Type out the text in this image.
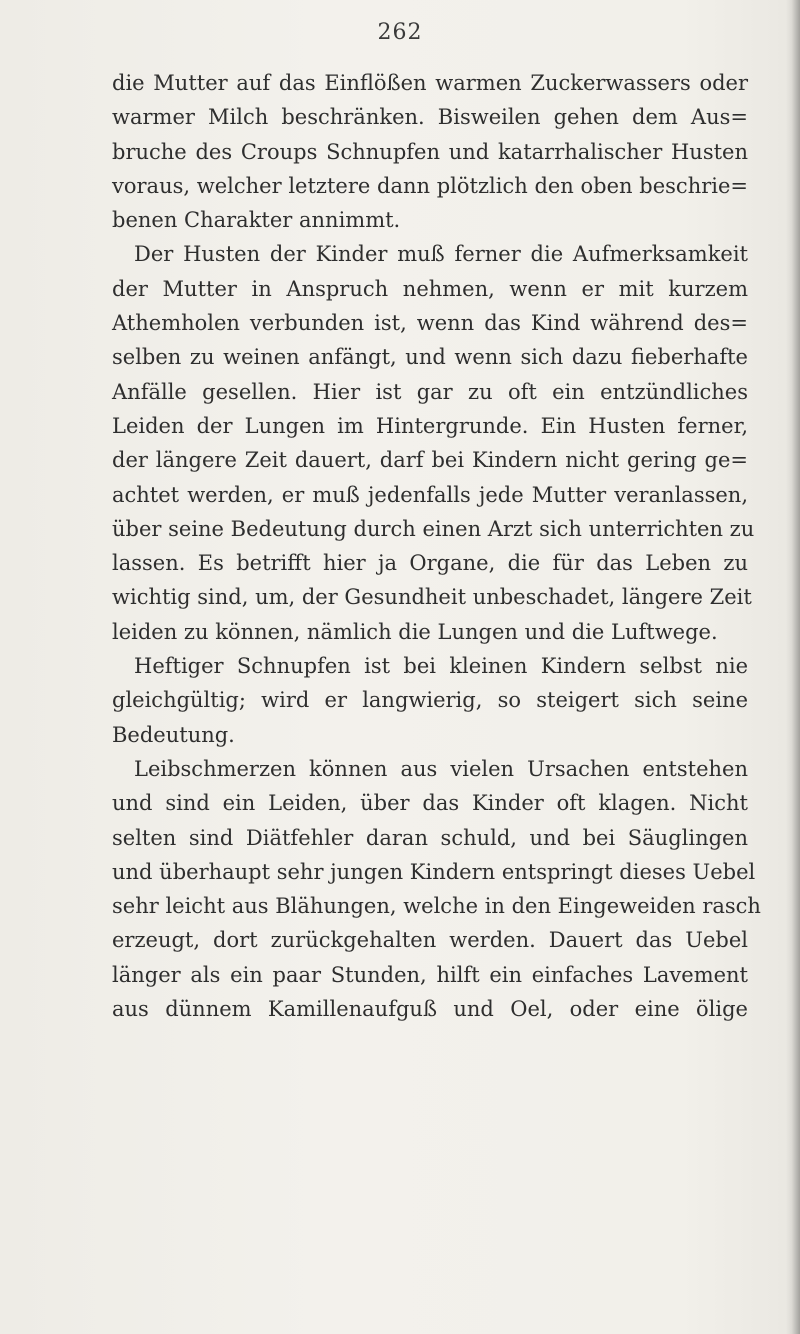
262
die Mutter auf das Einflößen warmen Zuckerwassers oder
warmer Milch beschränken. Bisweilen gehen dem Aus=
bruche des Croups Schnupfen und katarrhalischer Husten
voraus, welcher letztere dann plötzlich den oben beschrie=
benen Charakter annimmt.
Der Husten der Kinder muß ferner die Aufmerksamkeit
der Mutter in Anspruch nehmen, wenn er mit kurzem
Athemholen verbunden ist, wenn das Kind während des=
selben zu weinen anfängt, und wenn sich dazu fieberhafte
Anfälle gesellen. Hier ist gar zu oft ein entzündliches
Leiden der Lungen im Hintergrunde. Ein Husten ferner,
der längere Zeit dauert, darf bei Kindern nicht gering ge=
achtet werden, er muß jedenfalls jede Mutter veranlassen,
über seine Bedeutung durch einen Arzt sich unterrichten zu
lassen. Es betrifft hier ja Organe, die für das Leben zu
wichtig sind, um, der Gesundheit unbeschadet, längere Zeit
leiden zu können, nämlich die Lungen und die Luftwege.
Heftiger Schnupfen ist bei kleinen Kindern selbst nie
gleichgültig; wird er langwierig, so steigert sich seine
Bedeutung.
Leibschmerzen können aus vielen Ursachen entstehen
und sind ein Leiden, über das Kinder oft klagen. Nicht
selten sind Diätfehler daran schuld, und bei Säuglingen
und überhaupt sehr jungen Kindern entspringt dieses Uebel
sehr leicht aus Blähungen, welche in den Eingeweiden rasch
erzeugt, dort zurückgehalten werden. Dauert das Uebel
länger als ein paar Stunden, hilft ein einfaches Lavement
aus dünnem Kamillenaufguß und Oel, oder eine ölige
